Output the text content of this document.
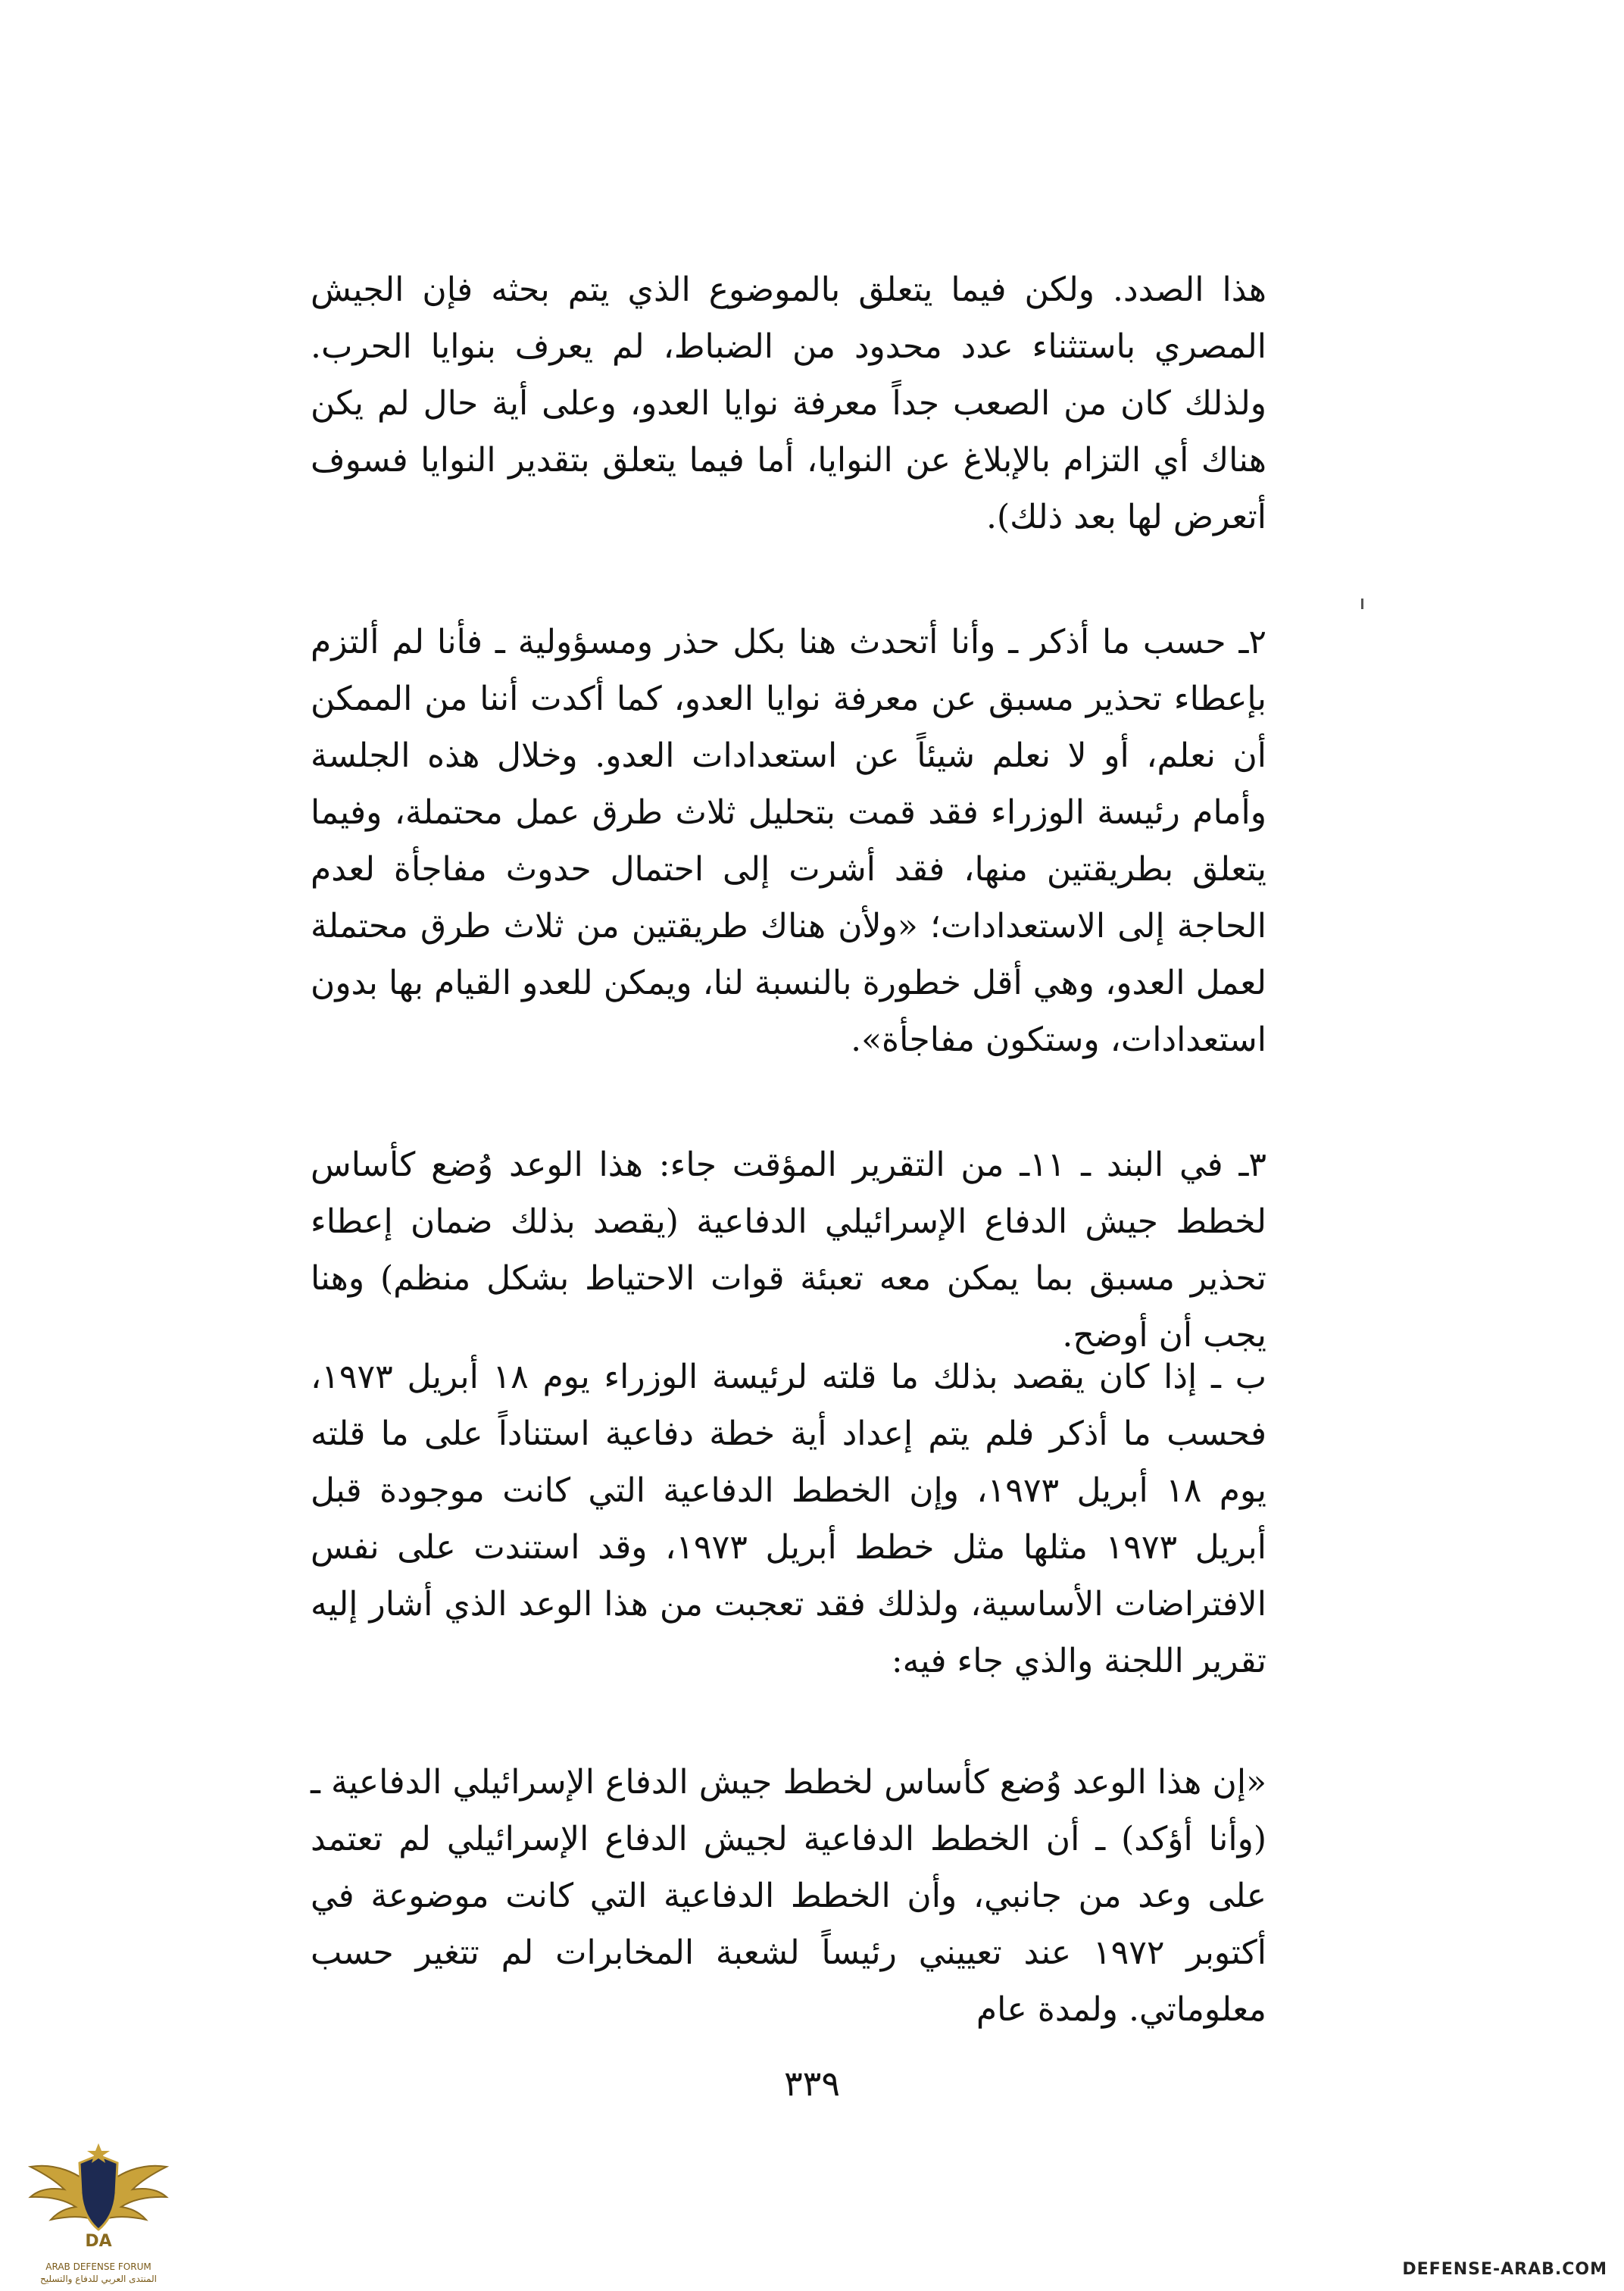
هذا الصدد. ولكن فيما يتعلق بالموضوع الذي يتم بحثه فإن الجيش المصري باستثناء عدد محدود من الضباط، لم يعرف بنوايا الحرب. ولذلك كان من الصعب جداً معرفة نوايا العدو، وعلى أية حال لم يكن هناك أي التزام بالإبلاغ عن النوايا، أما فيما يتعلق بتقدير النوايا فسوف أتعرض لها بعد ذلك).

٢ـ حسب ما أذكر ـ وأنا أتحدث هنا بكل حذر ومسؤولية ـ فأنا لم ألتزم بإعطاء تحذير مسبق عن معرفة نوايا العدو، كما أكدت أننا من الممكن أن نعلم، أو لا نعلم شيئاً عن استعدادات العدو. وخلال هذه الجلسة وأمام رئيسة الوزراء فقد قمت بتحليل ثلاث طرق عمل محتملة، وفيما يتعلق بطريقتين منها، فقد أشرت إلى احتمال حدوث مفاجأة لعدم الحاجة إلى الاستعدادات؛ «ولأن هناك طريقتين من ثلاث طرق محتملة لعمل العدو، وهي أقل خطورة بالنسبة لنا، ويمكن للعدو القيام بها بدون استعدادات، وستكون مفاجأة».

٣ـ في البند ـ ١١ـ من التقرير المؤقت جاء: هذا الوعد وُضع كأساس لخطط جيش الدفاع الإسرائيلي الدفاعية (يقصد بذلك ضمان إعطاء تحذير مسبق بما يمكن معه تعبئة قوات الاحتياط بشكل منظم) وهنا يجب أن أوضح.

ب ـ إذا كان يقصد بذلك ما قلته لرئيسة الوزراء يوم ١٨ أبريل ١٩٧٣، فحسب ما أذكر فلم يتم إعداد أية خطة دفاعية استناداً على ما قلته يوم ١٨ أبريل ١٩٧٣، وإن الخطط الدفاعية التي كانت موجودة قبل أبريل ١٩٧٣ مثلها مثل خطط أبريل ١٩٧٣، وقد استندت على نفس الافتراضات الأساسية، ولذلك فقد تعجبت من هذا الوعد الذي أشار إليه تقرير اللجنة والذي جاء فيه:

«إن هذا الوعد وُضع كأساس لخطط جيش الدفاع الإسرائيلي الدفاعية ـ (وأنا أؤكد) ـ أن الخطط الدفاعية لجيش الدفاع الإسرائيلي لم تعتمد على وعد من جانبي، وأن الخطط الدفاعية التي كانت موضوعة في أكتوبر ١٩٧٢ عند تعييني رئيساً لشعبة المخابرات لم تتغير حسب معلوماتي. ولمدة عام

٣٣٩
DA
ARAB DEFENSE FORUM
المنتدى العربي للدفاع والتسليح	DEFENSE-ARAB.COM
